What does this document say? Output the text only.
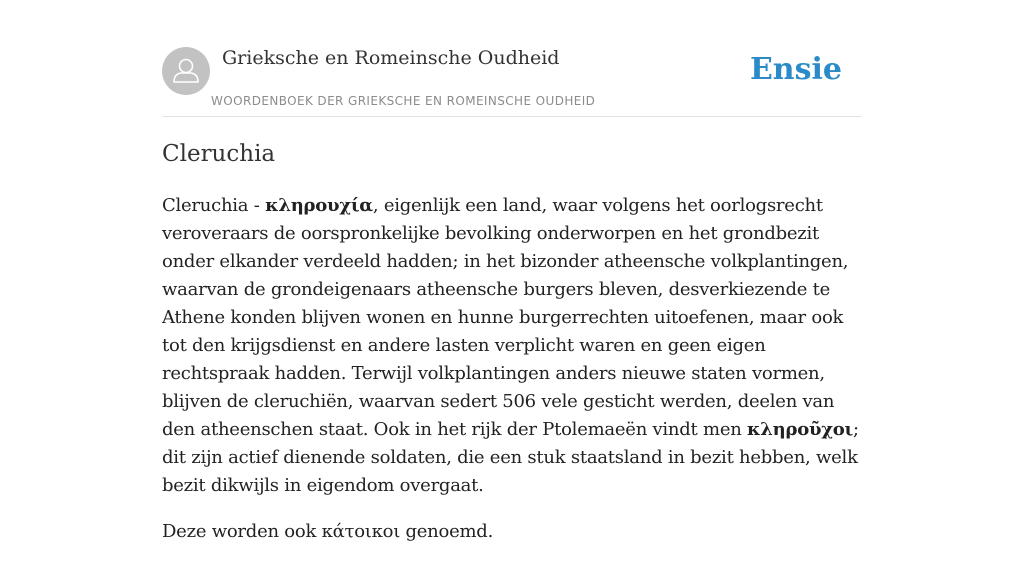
Grieksche en Romeinsche Oudheid
WOORDENBOEK DER GRIEKSCHE EN ROMEINSCHE OUDHEID
Ensie
Cleruchia

Cleruchia - κληρουχία, eigenlijk een land, waar volgens het oorlogsrecht veroveraars de oorspronkelijke bevolking onderworpen en het grondbezit onder elkander verdeeld hadden; in het bizonder atheensche volkplantingen, waarvan de grondeigenaars atheensche burgers bleven, desverkiezende te Athene konden blijven wonen en hunne burgerrechten uitoefenen, maar ook tot den krijgsdienst en andere lasten verplicht waren en geen eigen rechtspraak hadden. Terwijl volkplantingen anders nieuwe staten vormen, blijven de cleruchiën, waarvan sedert 506 vele gesticht werden, deelen van den atheenschen staat. Ook in het rijk der Ptolemaeën vindt men κληροῦχοι; dit zijn actief dienende soldaten, die een stuk staatsland in bezit hebben, welk bezit dikwijls in eigendom overgaat.

Deze worden ook κάτοικοι genoemd.
